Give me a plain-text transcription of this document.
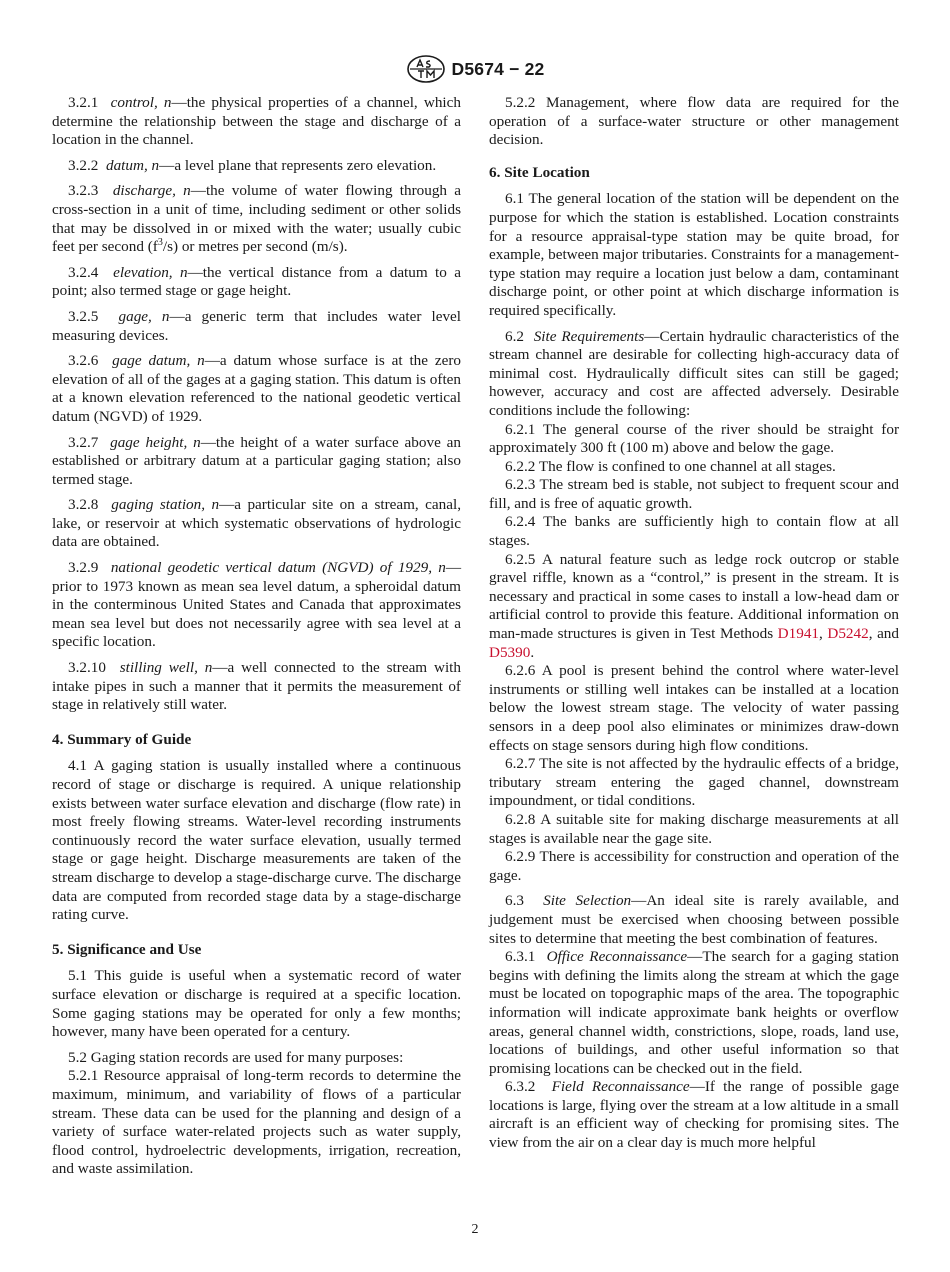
D5674 − 22

3.2.1 control, n—the physical properties of a channel, which determine the relationship between the stage and discharge of a location in the channel.

3.2.2 datum, n—a level plane that represents zero elevation.

3.2.3 discharge, n—the volume of water flowing through a cross-section in a unit of time, including sediment or other solids that may be dissolved in or mixed with the water; usually cubic feet per second $(f^3/s)$ or metres per second (m/s).

3.2.4 elevation, n—the vertical distance from a datum to a point; also termed stage or gage height.

3.2.5 gage, n—a generic term that includes water level measuring devices.

3.2.6 gage datum, n—a datum whose surface is at the zero elevation of all of the gages at a gaging station. This datum is often at a known elevation referenced to the national geodetic vertical datum (NGVD) of 1929.

3.2.7 gage height, n—the height of a water surface above an established or arbitrary datum at a particular gaging station; also termed stage.

3.2.8 gaging station, n—a particular site on a stream, canal, lake, or reservoir at which systematic observations of hydrologic data are obtained.

3.2.9 national geodetic vertical datum (NGVD) of 1929, n—prior to 1973 known as mean sea level datum, a spheroidal datum in the conterminous United States and Canada that approximates mean sea level but does not necessarily agree with sea level at a specific location.

3.2.10 stilling well, n—a well connected to the stream with intake pipes in such a manner that it permits the measurement of stage in relatively still water.

4. Summary of Guide

4.1 A gaging station is usually installed where a continuous record of stage or discharge is required. A unique relationship exists between water surface elevation and discharge (flow rate) in most freely flowing streams. Water-level recording instruments continuously record the water surface elevation, usually termed stage or gage height. Discharge measurements are taken of the stream discharge to develop a stage-discharge curve. The discharge data are computed from recorded stage data by a stage-discharge rating curve.

5. Significance and Use

5.1 This guide is useful when a systematic record of water surface elevation or discharge is required at a specific location. Some gaging stations may be operated for only a few months; however, many have been operated for a century.

5.2 Gaging station records are used for many purposes:

5.2.1 Resource appraisal of long-term records to determine the maximum, minimum, and variability of flows of a particular stream. These data can be used for the planning and design of a variety of surface water-related projects such as water supply, flood control, hydroelectric developments, irrigation, recreation, and waste assimilation.

5.2.2 Management, where flow data are required for the operation of a surface-water structure or other management decision.

6. Site Location

6.1 The general location of the station will be dependent on the purpose for which the station is established. Location constraints for a resource appraisal-type station may be quite broad, for example, between major tributaries. Constraints for a management-type station may require a location just below a dam, contaminant discharge point, or other point at which discharge information is required specifically.

6.2 Site Requirements—Certain hydraulic characteristics of the stream channel are desirable for collecting high-accuracy data of minimal cost. Hydraulically difficult sites can still be gaged; however, accuracy and cost are affected adversely. Desirable conditions include the following:

6.2.1 The general course of the river should be straight for approximately 300 ft (100 m) above and below the gage.

6.2.2 The flow is confined to one channel at all stages.

6.2.3 The stream bed is stable, not subject to frequent scour and fill, and is free of aquatic growth.

6.2.4 The banks are sufficiently high to contain flow at all stages.

6.2.5 A natural feature such as ledge rock outcrop or stable gravel riffle, known as a “control,” is present in the stream. It is necessary and practical in some cases to install a low-head dam or artificial control to provide this feature. Additional information on man-made structures is given in Test Methods D1941, D5242, and D5390.

6.2.6 A pool is present behind the control where water-level instruments or stilling well intakes can be installed at a location below the lowest stream stage. The velocity of water passing sensors in a deep pool also eliminates or minimizes draw-down effects on stage sensors during high flow conditions.

6.2.7 The site is not affected by the hydraulic effects of a bridge, tributary stream entering the gaged channel, downstream impoundment, or tidal conditions.

6.2.8 A suitable site for making discharge measurements at all stages is available near the gage site.

6.2.9 There is accessibility for construction and operation of the gage.

6.3 Site Selection—An ideal site is rarely available, and judgement must be exercised when choosing between possible sites to determine that meeting the best combination of features.

6.3.1 Office Reconnaissance—The search for a gaging station begins with defining the limits along the stream at which the gage must be located on topographic maps of the area. The topographic information will indicate approximate bank heights or overflow areas, general channel width, constrictions, slope, roads, land use, locations of buildings, and other useful information so that promising locations can be checked out in the field.

6.3.2 Field Reconnaissance—If the range of possible gage locations is large, flying over the stream at a low altitude in a small aircraft is an efficient way of checking for promising sites. The view from the air on a clear day is much more helpful

2
